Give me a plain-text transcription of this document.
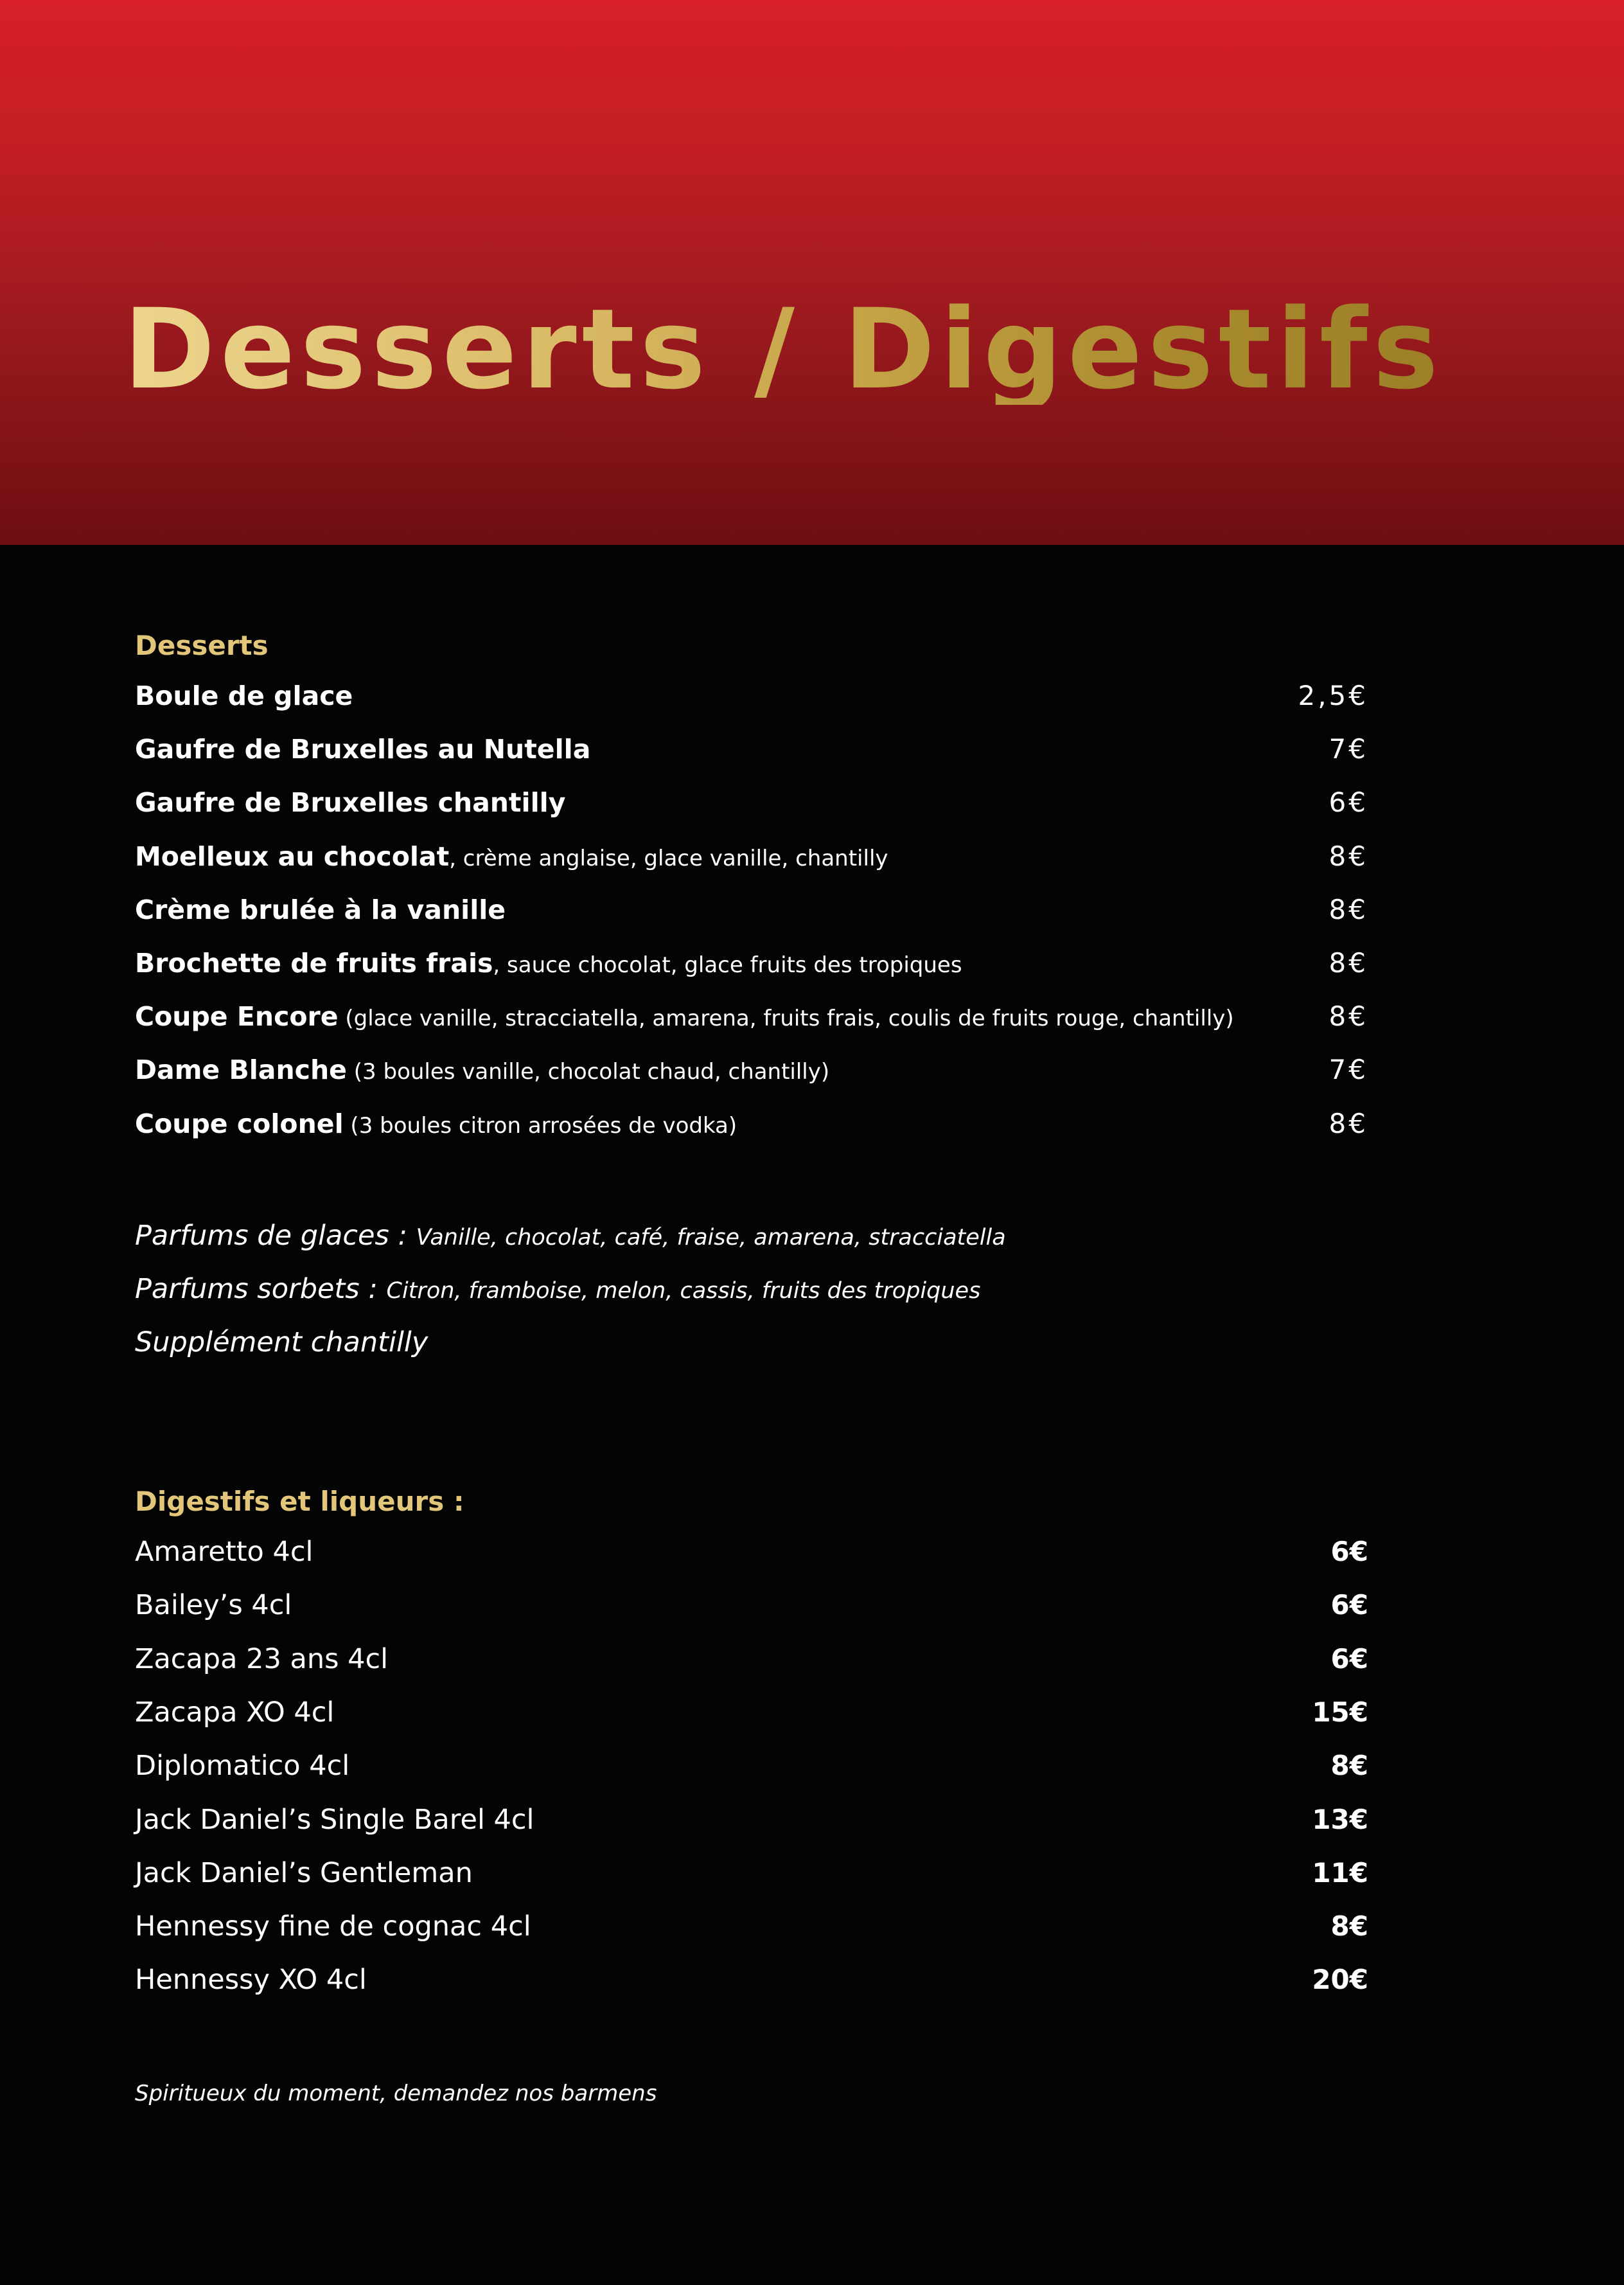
Desserts / Digestifs
Desserts
Boule de glace	2,5€
Gaufre de Bruxelles au Nutella	7€
Gaufre de Bruxelles chantilly	6€
Moelleux au chocolat, crème anglaise, glace vanille, chantilly	8€
Crème brulée à la vanille	8€
Brochette de fruits frais, sauce chocolat, glace fruits des tropiques	8€
Coupe Encore (glace vanille, stracciatella, amarena, fruits frais, coulis de fruits rouge, chantilly)	8€
Dame Blanche (3 boules vanille, chocolat chaud, chantilly)	7€
Coupe colonel (3 boules citron arrosées de vodka)	8€
Parfums de glaces : Vanille, chocolat, café, fraise, amarena, stracciatella
Parfums sorbets : Citron, framboise, melon, cassis, fruits des tropiques
Supplément chantilly
Digestifs et liqueurs :
Amaretto 4cl	6€
Bailey’s 4cl	6€
Zacapa 23 ans 4cl	6€
Zacapa XO 4cl	15€
Diplomatico 4cl	8€
Jack Daniel’s Single Barel 4cl	13€
Jack Daniel’s Gentleman	11€
Hennessy fine de cognac 4cl	8€
Hennessy XO 4cl	20€
Spiritueux du moment, demandez nos barmens
